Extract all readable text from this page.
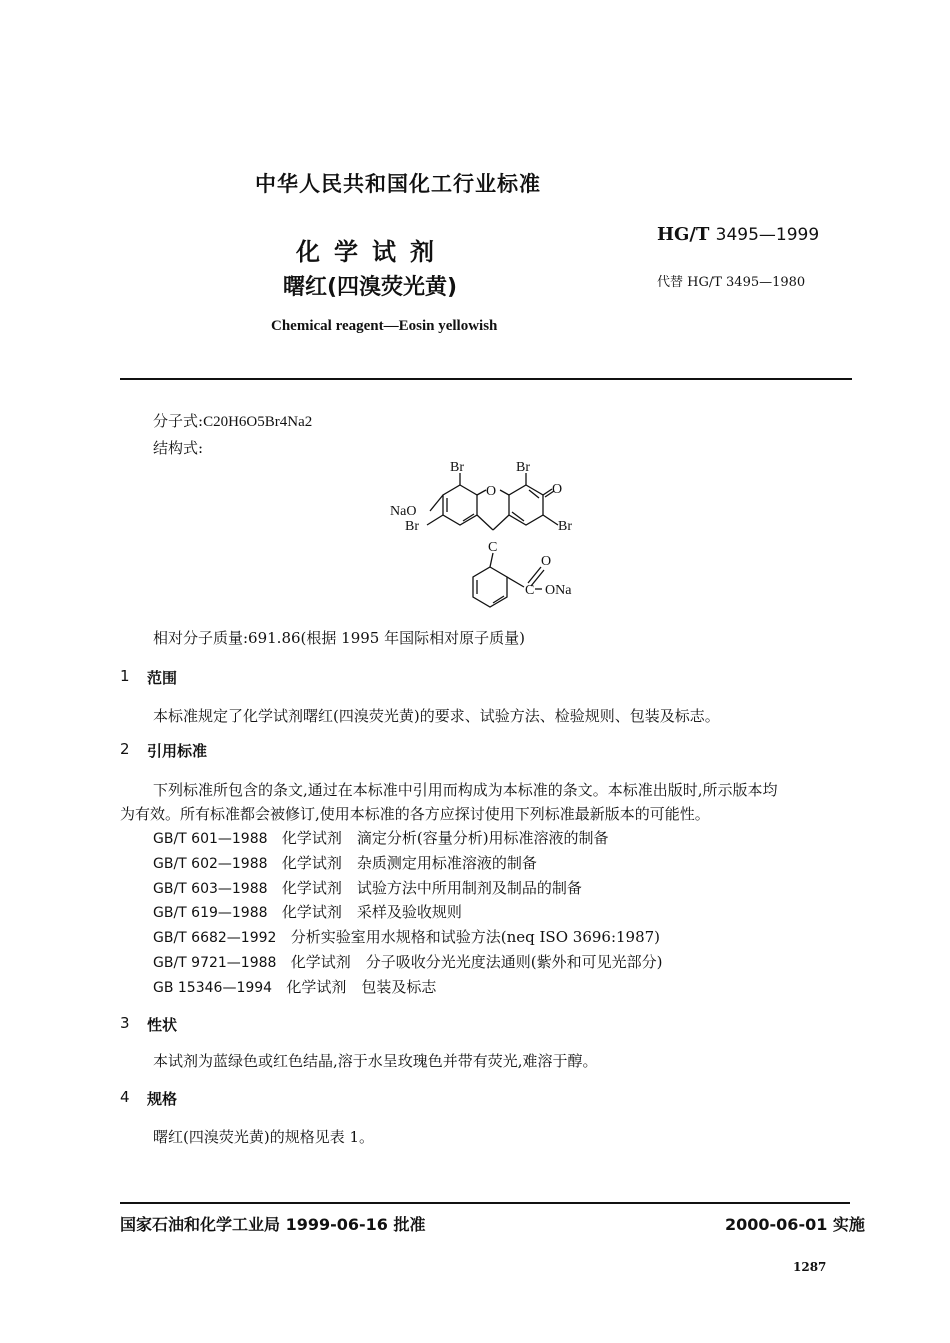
中华人民共和国化工行业标准
HG/T 3495—1999
化学试剂
曙红(四溴荧光黄)	代替 HG/T 3495—1980
Chemical reagent—Eosin yellowish
分子式:C20H6O5Br4Na2
结构式:
Br	Br
O	O
NaO
Br	Br
C
O
C ONa
相对分子质量:691.86(根据 1995 年国际相对原子质量)
1 范围
本标准规定了化学试剂曙红(四溴荧光黄)的要求、试验方法、检验规则、包装及标志。
2 引用标准
下列标准所包含的条文,通过在本标准中引用而构成为本标准的条文。本标准出版时,所示版本均
为有效。所有标准都会被修订,使用本标准的各方应探讨使用下列标准最新版本的可能性。
GB/T 601—1988 化学试剂　滴定分析(容量分析)用标准溶液的制备
GB/T 602—1988 化学试剂　杂质测定用标准溶液的制备
GB/T 603—1988 化学试剂　试验方法中所用制剂及制品的制备
GB/T 619—1988 化学试剂　采样及验收规则
GB/T 6682—1992 分析实验室用水规格和试验方法(neq ISO 3696:1987)
GB/T 9721—1988 化学试剂　分子吸收分光光度法通则(紫外和可见光部分)
GB 15346—1994 化学试剂　包装及标志
3 性状
本试剂为蓝绿色或红色结晶,溶于水呈玫瑰色并带有荧光,难溶于醇。
4 规格
曙红(四溴荧光黄)的规格见表 1。
国家石油和化学工业局 1999-06-16 批准	2000-06-01 实施
1287
